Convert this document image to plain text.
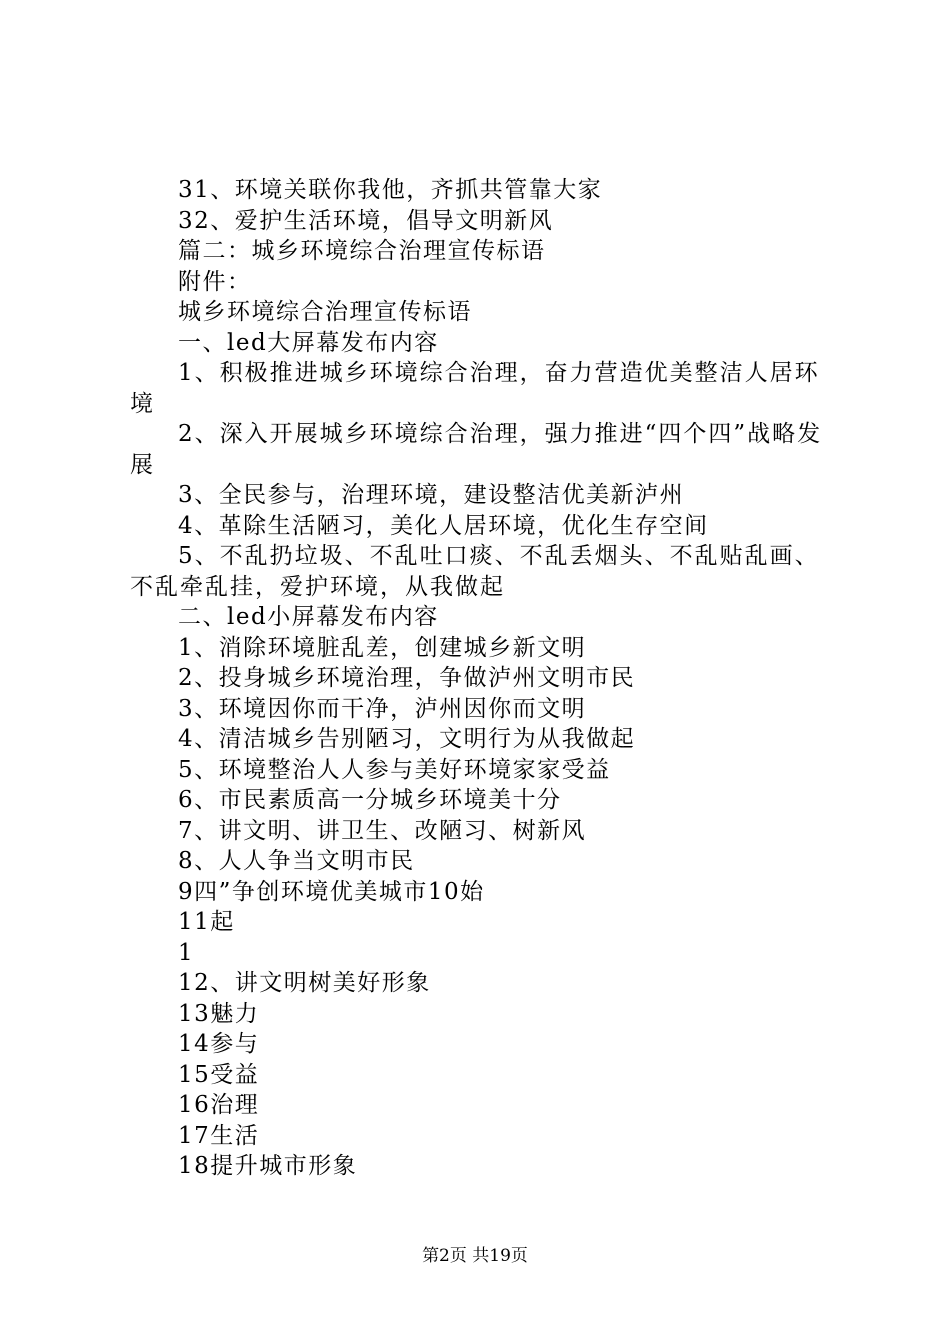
31、环境关联你我他，齐抓共管靠大家
32、爱护生活环境，倡导文明新风
篇二：城乡环境综合治理宣传标语
附件：
城乡环境综合治理宣传标语
一、led大屏幕发布内容
1、积极推进城乡环境综合治理，奋力营造优美整洁人居环境
2、深入开展城乡环境综合治理，强力推进“四个四”战略发展
3、全民参与，治理环境，建设整洁优美新泸州
4、革除生活陋习，美化人居环境，优化生存空间
5、不乱扔垃圾、不乱吐口痰、不乱丢烟头、不乱贴乱画、不乱牵乱挂，爱护环境，从我做起
二、led小屏幕发布内容
1、消除环境脏乱差，创建城乡新文明
2、投身城乡环境治理，争做泸州文明市民
3、环境因你而干净，泸州因你而文明
4、清洁城乡告别陋习，文明行为从我做起
5、环境整治人人参与美好环境家家受益
6、市民素质高一分城乡环境美十分
7、讲文明、讲卫生、改陋习、树新风
8、人人争当文明市民
9四”争创环境优美城市10始
11起
1
12、讲文明树美好形象
13魅力
14参与
15受益
16治理
17生活
18提升城市形象
第2页 共19页
